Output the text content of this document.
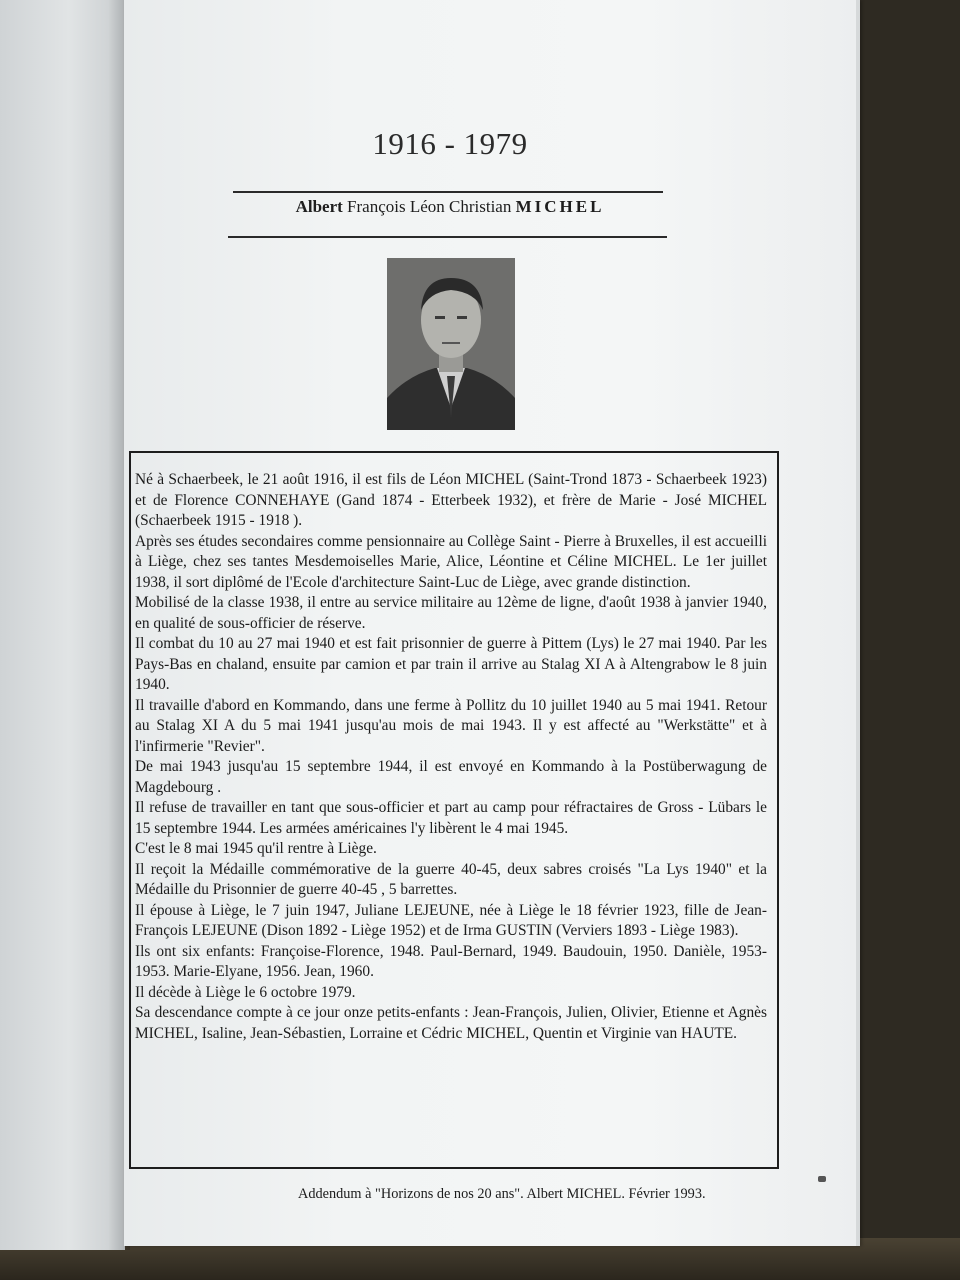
1916 - 1979
Albert François Léon Christian MICHEL

Né à Schaerbeek, le 21 août 1916, il est fils de Léon MICHEL (Saint-Trond 1873 - Schaerbeek 1923) et de Florence CONNEHAYE (Gand 1874 - Etterbeek 1932), et frère de Marie - José MICHEL (Schaerbeek 1915 - 1918 ).

Après ses études secondaires comme pensionnaire au Collège Saint - Pierre à Bruxelles, il est accueilli à Liège, chez ses tantes Mesdemoiselles Marie, Alice, Léontine et Céline MICHEL. Le 1er juillet 1938, il sort diplômé de l'Ecole d'architecture Saint-Luc de Liège, avec grande distinction.

Mobilisé de la classe 1938, il entre au service militaire au 12ème de ligne, d'août 1938 à janvier 1940, en qualité de sous-officier de réserve.

Il combat du 10 au 27 mai 1940 et est fait prisonnier de guerre à Pittem (Lys) le 27 mai 1940. Par les Pays-Bas en chaland, ensuite par camion et par train il arrive au Stalag XI A à Altengrabow le 8 juin 1940.

Il travaille d'abord en Kommando, dans une ferme à Pollitz du 10 juillet 1940 au 5 mai 1941. Retour au Stalag XI A du 5 mai 1941 jusqu'au mois de mai 1943. Il y est affecté au "Werkstätte" et à l'infirmerie "Revier".

De mai 1943 jusqu'au 15 septembre 1944, il est envoyé en Kommando à la Postüberwagung de Magdebourg .

Il refuse de travailler en tant que sous-officier et part au camp pour réfractaires de Gross - Lübars le 15 septembre 1944. Les armées américaines l'y libèrent le 4 mai 1945.

C'est le 8 mai 1945 qu'il rentre à Liège.

Il reçoit la Médaille commémorative de la guerre 40-45, deux sabres croisés "La Lys 1940" et la Médaille du Prisonnier de guerre 40-45 , 5 barrettes.

Il épouse à Liège, le 7 juin 1947, Juliane LEJEUNE, née à Liège le 18 février 1923, fille de Jean-François LEJEUNE (Dison 1892 - Liège 1952) et de Irma GUSTIN (Verviers 1893 - Liège 1983).

Ils ont six enfants: Françoise-Florence, 1948. Paul-Bernard, 1949. Baudouin, 1950. Danièle, 1953-1953. Marie-Elyane, 1956. Jean, 1960.

Il décède à Liège le 6 octobre 1979.

Sa descendance compte à ce jour onze petits-enfants : Jean-François, Julien, Olivier, Etienne et Agnès MICHEL, Isaline, Jean-Sébastien, Lorraine et Cédric MICHEL, Quentin et Virginie van HAUTE.

Addendum à "Horizons de nos 20 ans". Albert MICHEL. Février 1993.
